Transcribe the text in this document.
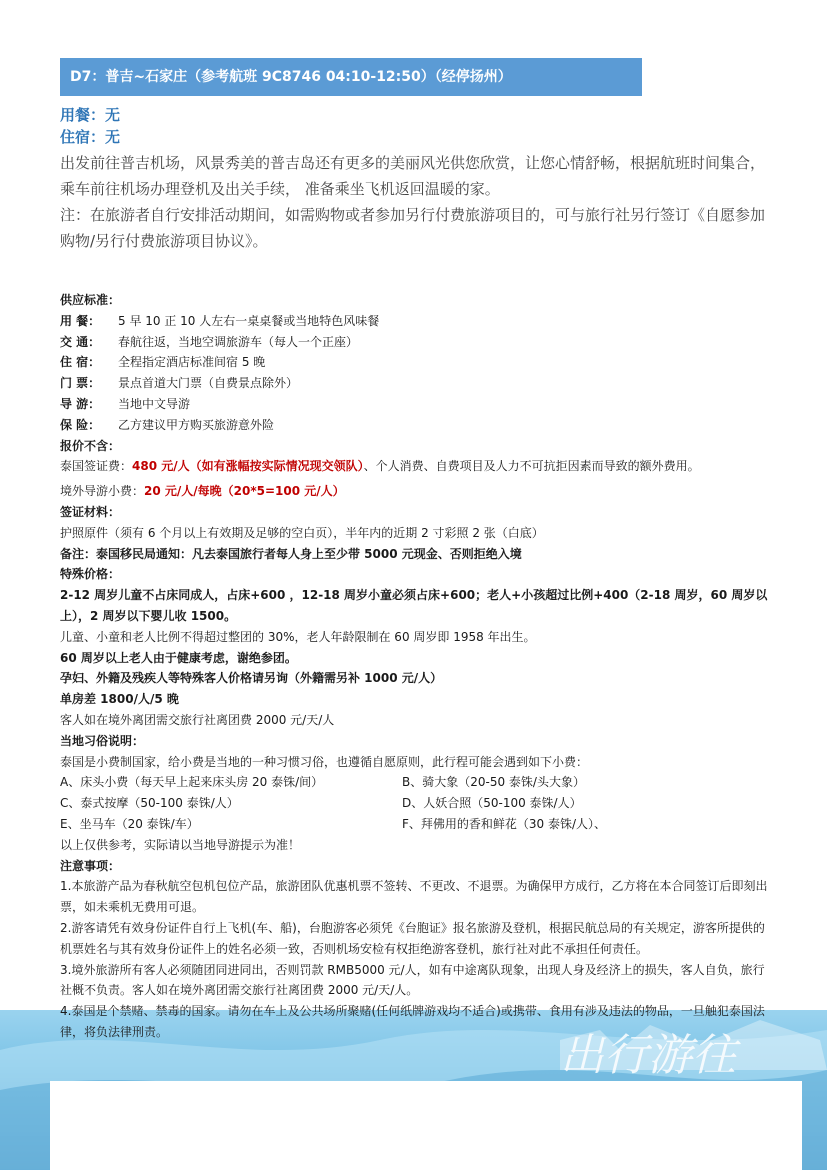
D7：普吉~石家庄（参考航班 9C8746 04:10-12:50）（经停扬州）
用餐：无
住宿：无

出发前往普吉机场，风景秀美的普吉岛还有更多的美丽风光供您欣赏，让您心情舒畅，根据航班时间集合，乘车前往机场办理登机及出关手续， 准备乘坐飞机返回温暖的家。

注：在旅游者自行安排活动期间，如需购物或者参加另行付费旅游项目的，可与旅行社另行签订《自愿参加购物/另行付费旅游项目协议》。

出行游往

供应标准：

用 餐： 5 早 10 正 10 人左右一桌桌餐或当地特色风味餐

交 通： 春航往返，当地空调旅游车（每人一个正座）

住 宿： 全程指定酒店标准间宿 5 晚

门 票： 景点首道大门票（自费景点除外）

导 游： 当地中文导游

保 险： 乙方建议甲方购买旅游意外险

报价不含：

泰国签证费：480 元/人（如有涨幅按实际情况现交领队）、个人消费、自费项目及人力不可抗拒因素而导致的额外费用。

境外导游小费：20 元/人/每晚（20*5=100 元/人）

签证材料：

护照原件（须有 6 个月以上有效期及足够的空白页），半年内的近期 2 寸彩照 2 张（白底）

备注：泰国移民局通知：凡去泰国旅行者每人身上至少带 5000 元现金、否则拒绝入境

特殊价格：

2-12 周岁儿童不占床同成人，占床+600 ，12-18 周岁小童必须占床+600；老人+小孩超过比例+400（2-18 周岁，60 周岁以上），2 周岁以下婴儿收 1500。

儿童、小童和老人比例不得超过整团的 30%，老人年龄限制在 60 周岁即 1958 年出生。

60 周岁以上老人由于健康考虑，谢绝参团。

孕妇、外籍及残疾人等特殊客人价格请另询（外籍需另补 1000 元/人）

单房差 1800/人/5 晚

客人如在境外离团需交旅行社离团费 2000 元/天/人

当地习俗说明：

泰国是小费制国家，给小费是当地的一种习惯习俗，也遵循自愿原则，此行程可能会遇到如下小费：

A、床头小费（每天早上起来床头房 20 泰铢/间）

C、泰式按摩（50-100 泰铢/人）

E、坐马车（20 泰铢/车）

B、骑大象（20-50 泰铢/头大象）

D、人妖合照（50-100 泰铢/人）

F、拜佛用的香和鲜花（30 泰铢/人）、

以上仅供参考，实际请以当地导游提示为准！

注意事项：

1.本旅游产品为春秋航空包机包位产品，旅游团队优惠机票不签转、不更改、不退票。为确保甲方成行，乙方将在本合同签订后即刻出票，如未乘机无费用可退。

2.游客请凭有效身份证件自行上飞机(车、船)，台胞游客必须凭《台胞证》报名旅游及登机，根据民航总局的有关规定，游客所提供的机票姓名与其有效身份证件上的姓名必须一致，否则机场安检有权拒绝游客登机，旅行社对此不承担任何责任。

3.境外旅游所有客人必须随团同进同出，否则罚款 RMB5000 元/人，如有中途离队现象，出现人身及经济上的损失，客人自负，旅行社概不负责。客人如在境外离团需交旅行社离团费 2000 元/天/人。

4.泰国是个禁赌、禁毒的国家。请勿在车上及公共场所聚赌(任何纸牌游戏均不适合)或携带、食用有涉及违法的物品，一旦触犯泰国法律，将负法律刑责。
